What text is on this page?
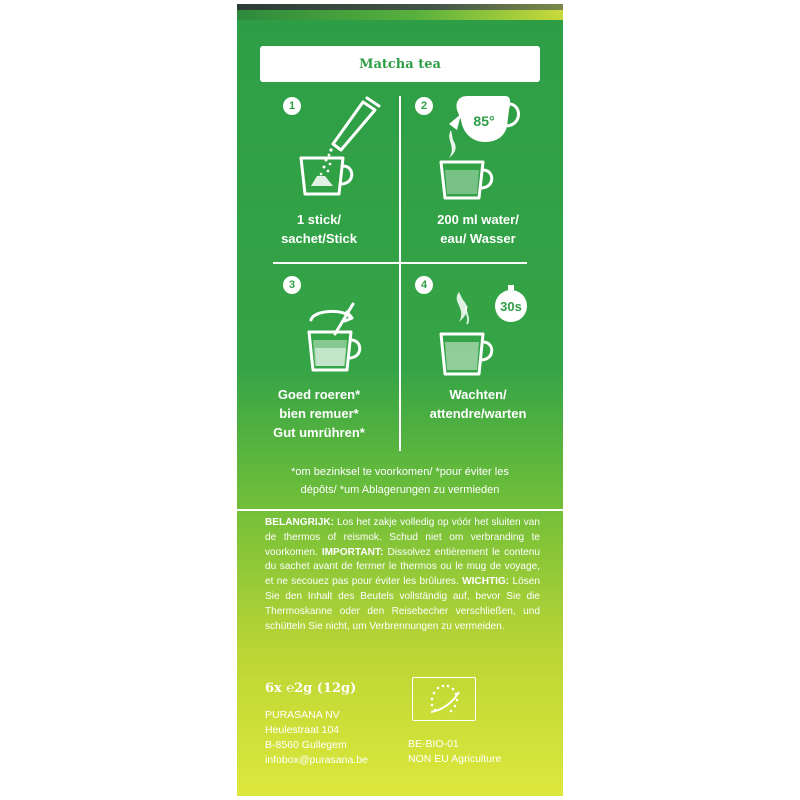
Matcha tea
1
1 stick/
sachet/Stick
2
85°
200 ml water/
eau/ Wasser
3
Goed roeren*
bien remuer*
Gut umrühren*
4
30s
Wachten/
attendre/warten
*om bezinksel te voorkomen/ *pour éviter les
dépôts/ *um Ablagerungen zu vermieden
BELANGRIJK: Los het zakje volledig op vóór het sluiten van de thermos of reismok. Schud niet om verbranding te voorkomen. IMPORTANT: Dissolvez entièrement le contenu du sachet avant de fermer le thermos ou le mug de voyage, et ne secouez pas pour éviter les brûlures. WICHTIG: Lösen Sie den Inhalt des Beutels vollständig auf, bevor Sie die Thermoskanne oder den Reisebecher verschließen, und schütteln Sie nicht, um Verbrennungen zu vermeiden.
6x ℮2g (12g)
PURASANA NV
Heulestraat 104
B-8560 Gullegem
infobox@purasana.be
BE-BIO-01
NON EU Agriculture
